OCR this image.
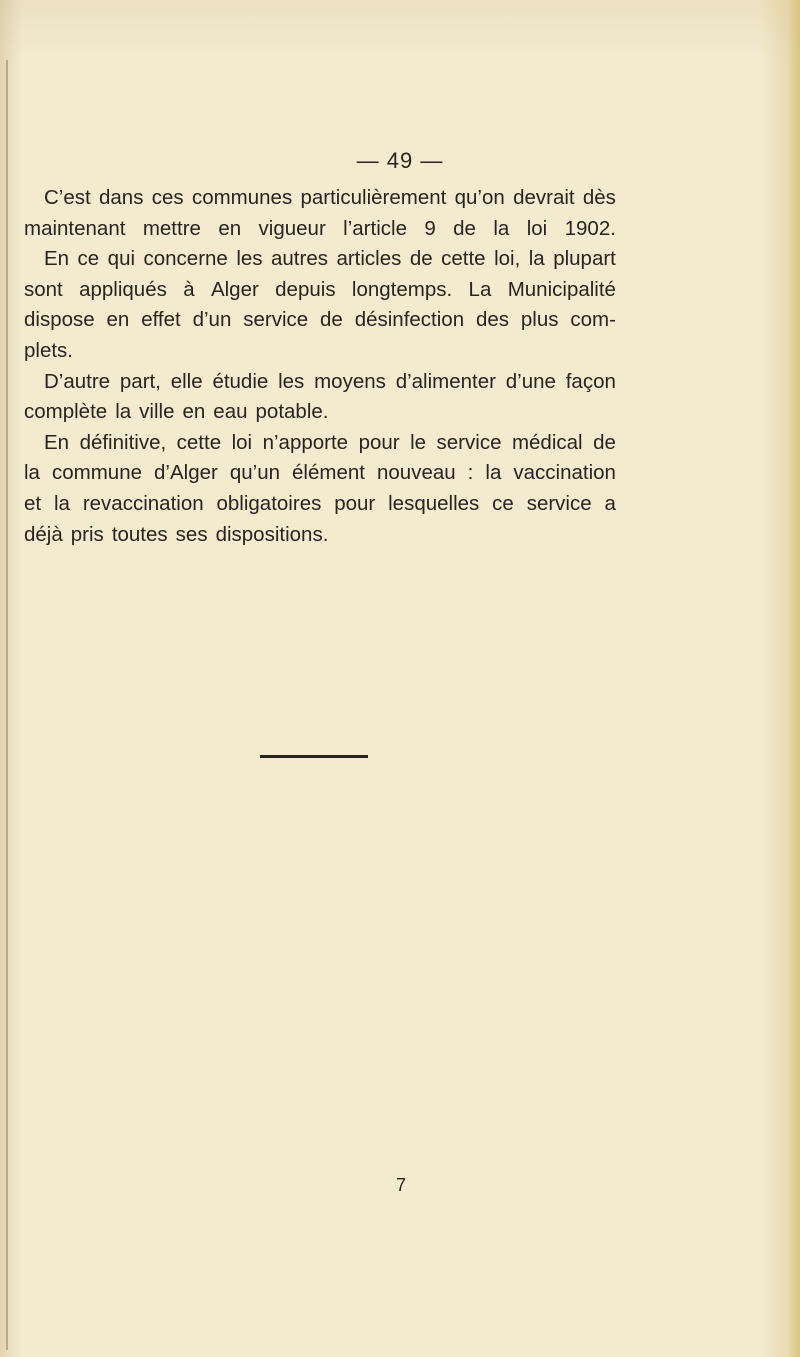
— 49 —
C’est dans ces communes particulièrement qu’on devrait dès
maintenant mettre en vigueur l’article 9 de la loi 1902.
En ce qui concerne les autres articles de cette loi, la plupart
sont appliqués à Alger depuis longtemps. La Municipalité
dispose en effet d’un service de désinfection des plus com-
plets.
D’autre part, elle étudie les moyens d’alimenter d’une façon
complète la ville en eau potable.
En définitive, cette loi n’apporte pour le service médical de
la commune d’Alger qu’un élément nouveau : la vaccination
et la revaccination obligatoires pour lesquelles ce service a
déjà pris toutes ses dispositions.
7
